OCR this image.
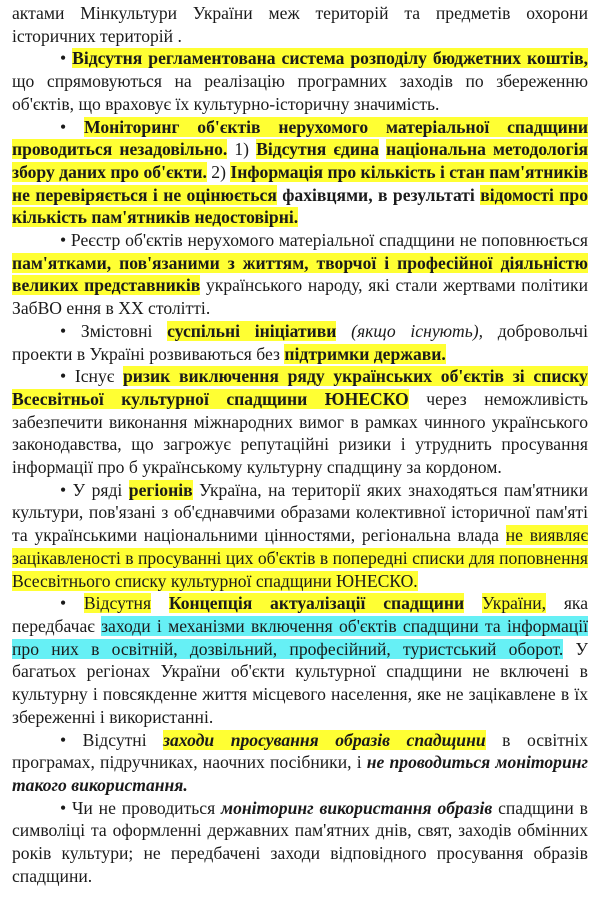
актами Мінкультури України меж територій та предметів охорони історичних територій .

• Відсутня регламентована система розподілу бюджетних коштів, що спрямовуються на реалізацію програмних заходів по збереженню об'єктів, що враховує їх культурно-історичну значимість.

• Моніторинг об'єктів нерухомого матеріальної спадщини проводиться незадовільно. 1) Відсутня єдина національна методологія збору даних про об'єкти. 2) Інформація про кількість і стан пам'ятників не перевіряється і не оцінюється фахівцями, в результаті відомості про кількість пам'ятників недостовірні.

• Реєстр об'єктів нерухомого матеріальної спадщини не поповнюється пам'ятками, пов'язаними з життям, творчої і професійної діяльністю великих представників українського народу, які стали жертвами політики ЗабВО ення в ХХ столітті.

• Змістовні суспільні ініціативи (якщо існують), добровольчі проекти в Україні розвиваються без підтримки держави.

• Існує ризик виключення ряду українських об'єктів зі списку Всесвітньої культурної спадщини ЮНЕСКО через неможливість забезпечити виконання міжнародних вимог в рамках чинного українського законодавства, що загрожує репутаційні ризики і утруднить просування інформації про б українському культурну спадщину за кордоном.

• У ряді регіонів Україна, на території яких знаходяться пам'ятники культури, пов'язані з об'єднавчими образами колективної історичної пам'яті та українськими національними цінностями, регіональна влада не виявляє зацікавленості в просуванні цих об'єктів в попередні списки для поповнення Всесвітнього списку культурної спадщини ЮНЕСКО.

• Відсутня Концепція актуалізації спадщини України, яка передбачає заходи і механізми включення об'єктів спадщини та інформації про них в освітній, дозвільний, професійний, туристський оборот. У багатьох регіонах України об'єкти культурної спадщини не включені в культурну і повсякденне життя місцевого населення, яке не зацікавлене в їх збереженні і використанні.

• Відсутні заходи просування образів спадщини в освітніх програмах, підручниках, наочних посібники, і не проводиться моніторинг такого використання.

• Чи не проводиться моніторинг використання образів спадщини в символіці та оформленні державних пам'ятних днів, свят, заходів обмінних років культури; не передбачені заходи відповідного просування образів спадщини.
